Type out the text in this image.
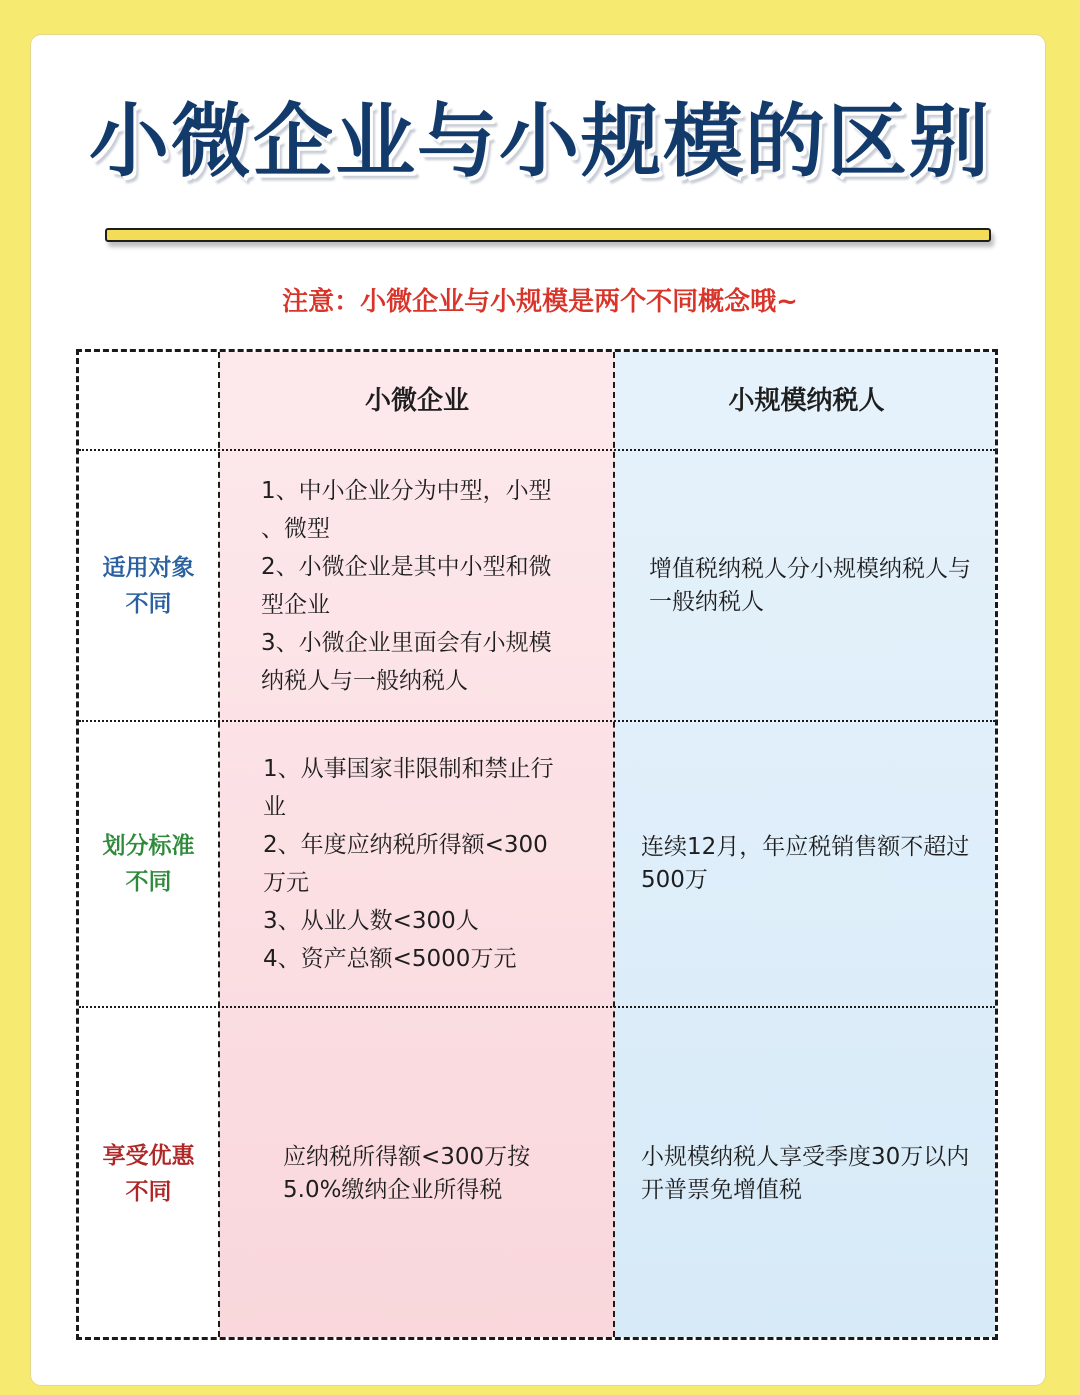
小微企业与小规模的区别
注意：小微企业与小规模是两个不同概念哦~
小微企业	小规模纳税人
适用对象
不同
1、中小企业分为中型，小型
、微型
2、小微企业是其中小型和微
型企业
3、小微企业里面会有小规模
纳税人与一般纳税人
增值税纳税人分小规模纳税人与一般纳税人
划分标准
不同
1、从事国家非限制和禁止行
业
2、年度应纳税所得额<300
万元
3、从业人数<300人
4、资产总额<5000万元
连续12月，年应税销售额不超过500万
享受优惠
不同
应纳税所得额<300万按5.0%缴纳企业所得税
小规模纳税人享受季度30万以内开普票免增值税
